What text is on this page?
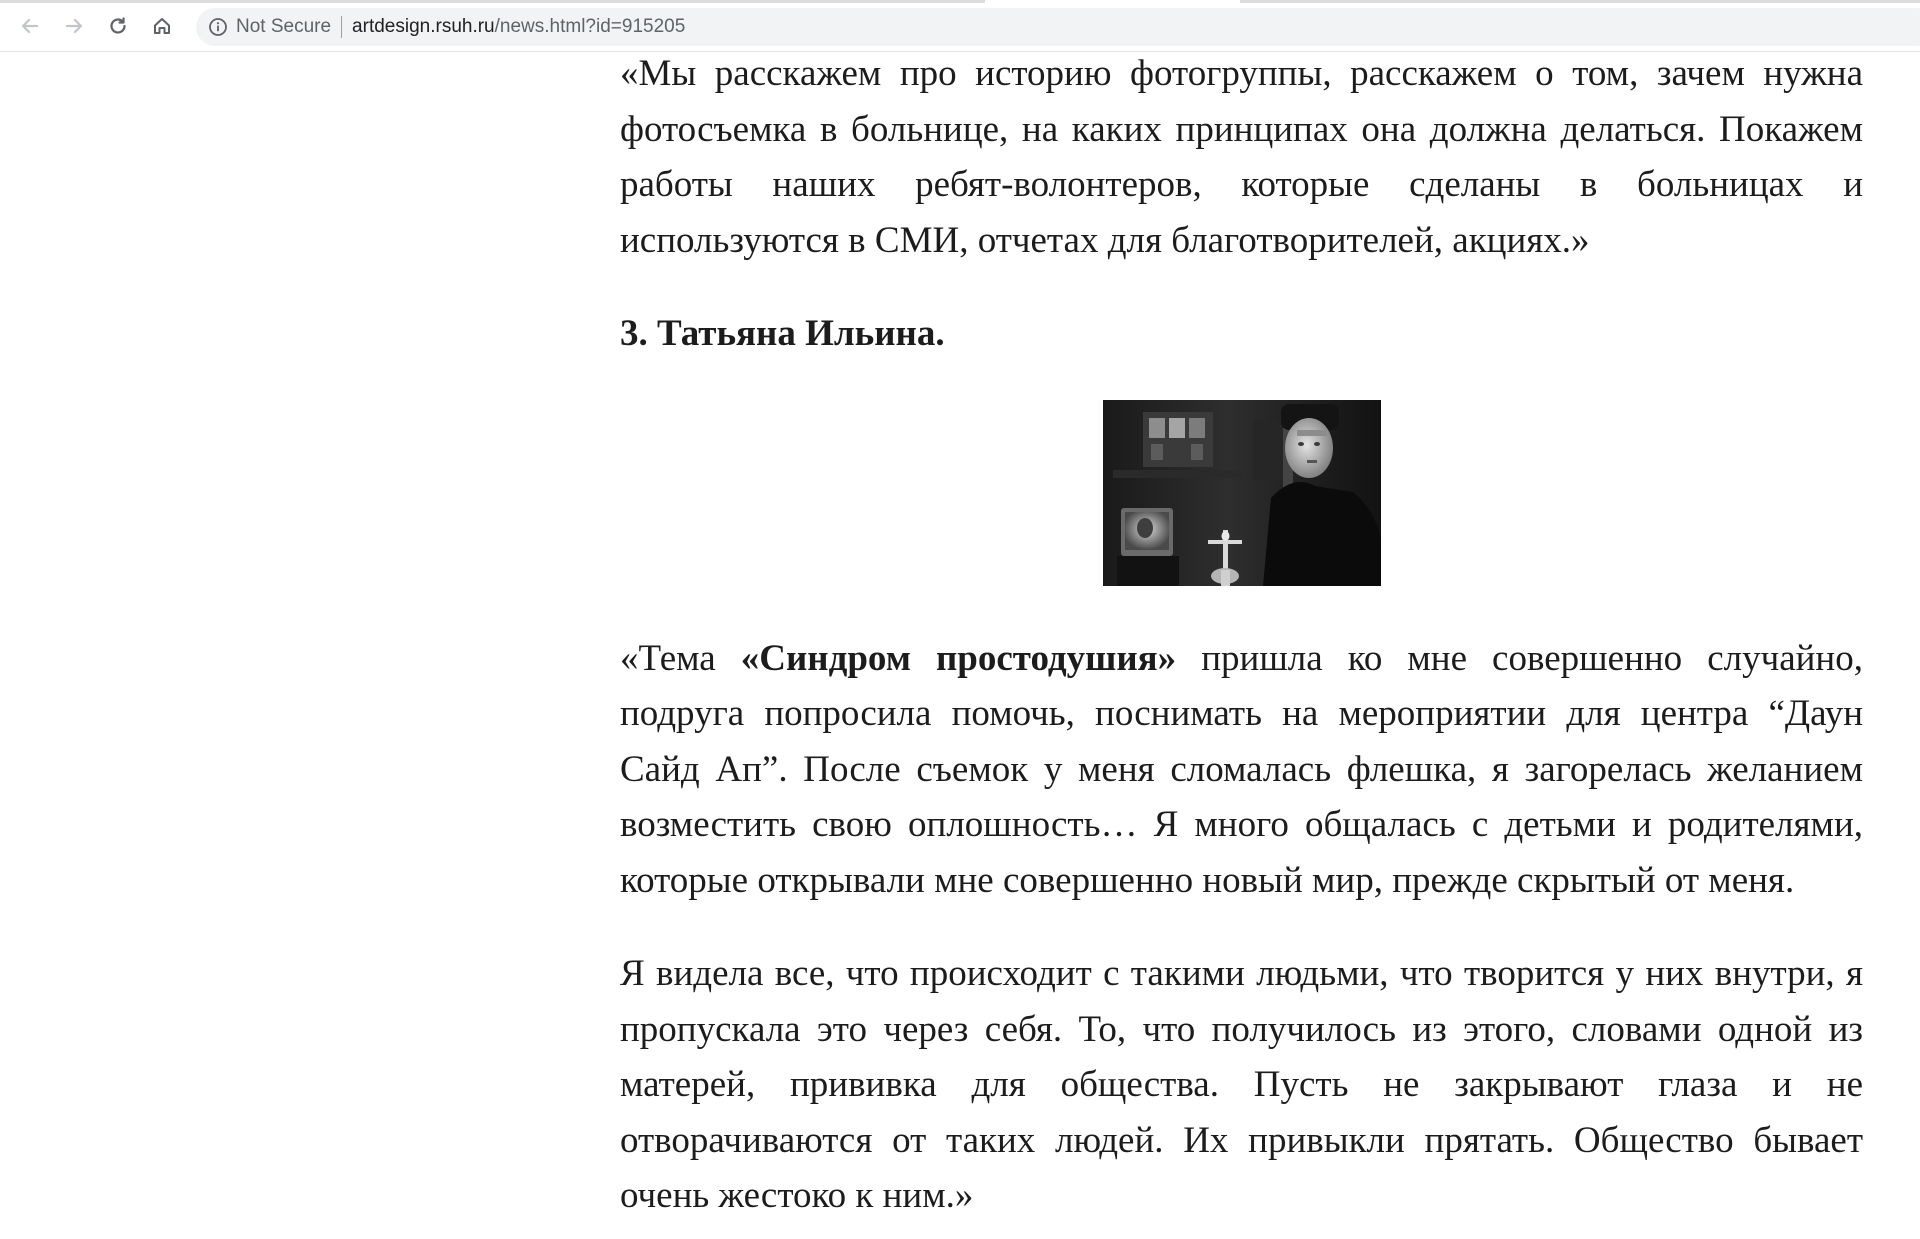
Not Secure artdesign.rsuh.ru/news.html?id=915205

«Мы расскажем про историю фотогруппы, расскажем о том, зачем нужна фотосъемка в больнице, на каких принципах она должна делаться. Покажем работы наших ребят-волонтеров, которые сделаны в больницах и используются в СМИ, отчетах для благотворителей, акциях.»

3. Татьяна Ильина.

«Тема «Синдром простодушия» пришла ко мне совершенно случайно, подруга попросила помочь, поснимать на мероприятии для центра “Даун Сайд Ап”. После съемок у меня сломалась флешка, я загорелась желанием возместить свою оплошность… Я много общалась с детьми и родителями, которые открывали мне совершенно новый мир, прежде скрытый от меня.

Я видела все, что происходит с такими людьми, что творится у них внутри, я пропускала это через себя. То, что получилось из этого, словами одной из матерей, прививка для общества. Пусть не закрывают глаза и не отворачиваются от таких людей. Их привыкли прятать. Общество бывает очень жестоко к ним.»
